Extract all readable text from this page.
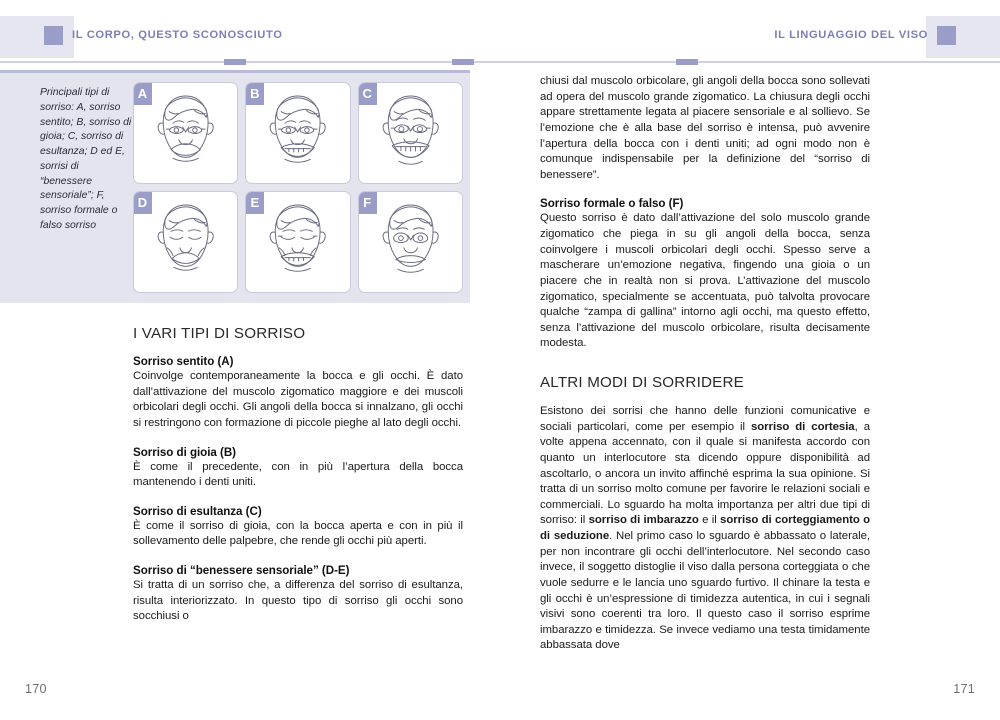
IL CORPO, QUESTO SCONOSCIUTO	IL LINGUAGGIO DEL VISO
Principali tipi di sorriso: A, sorriso sentito; B, sorriso di gioia; C, sorriso di esultanza; D ed E, sorrisi di “benessere sensoriale”; F, sorriso formale o falso sorriso
A	B	C
D	E	F
I VARI TIPI DI SORRISO
Sorriso sentito (A)

Coinvolge contemporaneamente la bocca e gli occhi. È dato dall’attivazione del muscolo zigomatico maggiore e dei muscoli orbicolari degli occhi. Gli angoli della bocca si innalzano, gli occhi si restringono con formazione di piccole pieghe al lato degli occhi.

Sorriso di gioia (B)

È come il precedente, con in più l’apertura della bocca mantenendo i denti uniti.

Sorriso di esultanza (C)

È come il sorriso di gioia, con la bocca aperta e con in più il sollevamento delle palpebre, che rende gli occhi più aperti.

Sorriso di “benessere sensoriale” (D-E)

Si tratta di un sorriso che, a differenza del sorriso di esultanza, risulta interiorizzato. In questo tipo di sorriso gli occhi sono socchiusi o

chiusi dal muscolo orbicolare, gli angoli della bocca sono sollevati ad opera del muscolo grande zigomatico. La chiusura degli occhi appare strettamente legata al piacere sensoriale e al sollievo. Se l’emozione che è alla base del sorriso è intensa, può avvenire l’apertura della bocca con i denti uniti; ad ogni modo non è comunque indispensabile per la definizione del “sorriso di benessere”.

Sorriso formale o falso (F)

Questo sorriso è dato dall’attivazione del solo muscolo grande zigomatico che piega in su gli angoli della bocca, senza coinvolgere i muscoli orbicolari degli occhi. Spesso serve a mascherare un’emozione negativa, fingendo una gioia o un piacere che in realtà non si prova. L’attivazione del muscolo zigomatico, specialmente se accentuata, può talvolta provocare qualche “zampa di gallina” intorno agli occhi, ma questo effetto, senza l’attivazione del muscolo orbicolare, risulta decisamente modesta.

ALTRI MODI DI SORRIDERE

Esistono dei sorrisi che hanno delle funzioni comunicative e sociali particolari, come per esempio il sorriso di cortesia, a volte appena accennato, con il quale si manifesta accordo con quanto un interlocutore sta dicendo oppure disponibilità ad ascoltarlo, o ancora un invito affinché esprima la sua opinione. Si tratta di un sorriso molto comune per favorire le relazioni sociali e commerciali. Lo sguardo ha molta importanza per altri due tipi di sorriso: il sorriso di imbarazzo e il sorriso di corteggiamento o di seduzione. Nel primo caso lo sguardo è abbassato o laterale, per non incontrare gli occhi dell’interlocutore. Nel secondo caso invece, il soggetto distoglie il viso dalla persona corteggiata o che vuole sedurre e le lancia uno sguardo furtivo. Il chinare la testa e gli occhi è un’espressione di timidezza autentica, in cui i segnali visivi sono coerenti tra loro. Il questo caso il sorriso esprime imbarazzo e timidezza. Se invece vediamo una testa timidamente abbassata dove

170	171
